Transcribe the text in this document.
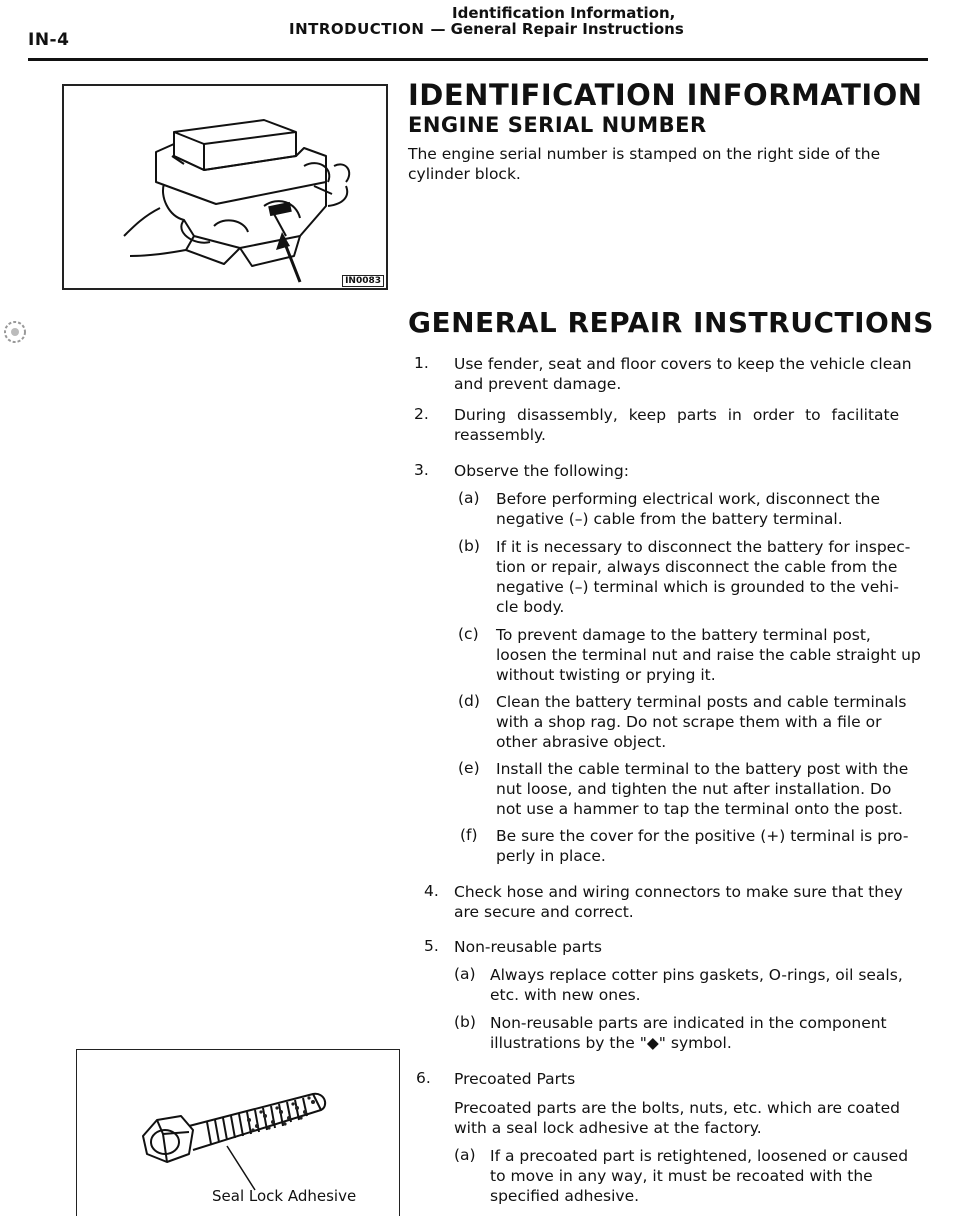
IN-4
Identification Information,
INTRODUCTION — General Repair Instructions
IN0083
IDENTIFICATION INFORMATION
ENGINE SERIAL NUMBER
The engine serial number is stamped on the right side of the
cylinder block.
GENERAL REPAIR INSTRUCTIONS
1. Use fender, seat and floor covers to keep the vehicle clean
and prevent damage.
2. During disassembly, keep parts in order to facilitate
reassembly.
3. Observe the following:
(a) Before performing electrical work, disconnect the
negative (–) cable from the battery terminal.
(b) If it is necessary to disconnect the battery for inspec-
tion or repair, always disconnect the cable from the
negative (–) terminal which is grounded to the vehi-
cle body.
(c) To prevent damage to the battery terminal post,
loosen the terminal nut and raise the cable straight up
without twisting or prying it.
(d) Clean the battery terminal posts and cable terminals
with a shop rag. Do not scrape them with a file or
other abrasive object.
(e) Install the cable terminal to the battery post with the
nut loose, and tighten the nut after installation. Do
not use a hammer to tap the terminal onto the post.
(f) Be sure the cover for the positive (+) terminal is pro-
perly in place.
4. Check hose and wiring connectors to make sure that they
are secure and correct.
5. Non-reusable parts
(a) Always replace cotter pins gaskets, O-rings, oil seals,
etc. with new ones.
(b) Non-reusable parts are indicated in the component
illustrations by the "◆" symbol.
6. Precoated Parts
Precoated parts are the bolts, nuts, etc. which are coated
with a seal lock adhesive at the factory.
(a) If a precoated part is retightened, loosened or caused
to move in any way, it must be recoated with the
specified adhesive.
Seal Lock Adhesive
